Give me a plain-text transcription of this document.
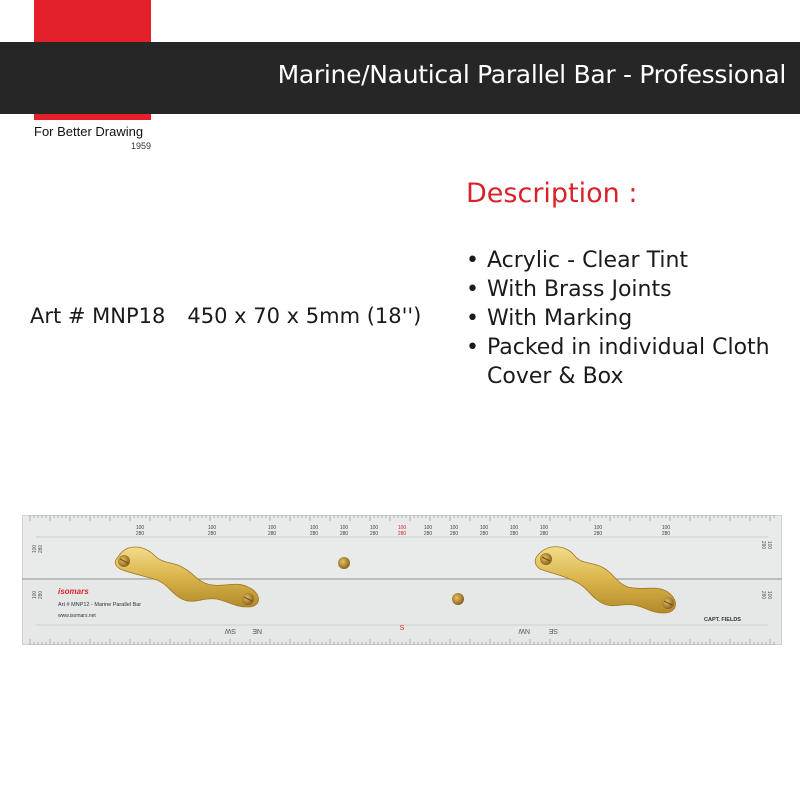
Marine/Nautical Parallel Bar - Professional
For Better Drawing
1959
Description :
• Acrylic - Clear Tint
• With Brass Joints
• With Marking
• Packed in individual Cloth Cover & Box
Art # MNP18 450 x 70 x 5mm (18'')
100
280
100
280
100
280
100
280
100
280
100
280
100
280
100
280
100
280
100
280
100
280
100
280
100
280
100
280
100 280
100 280
100
280
100
280
isomars
Art # MNP12 - Marine Parallel Bar
www.isomars.net
CAPT. FIELDS
S
NE
SW	SE
NW
